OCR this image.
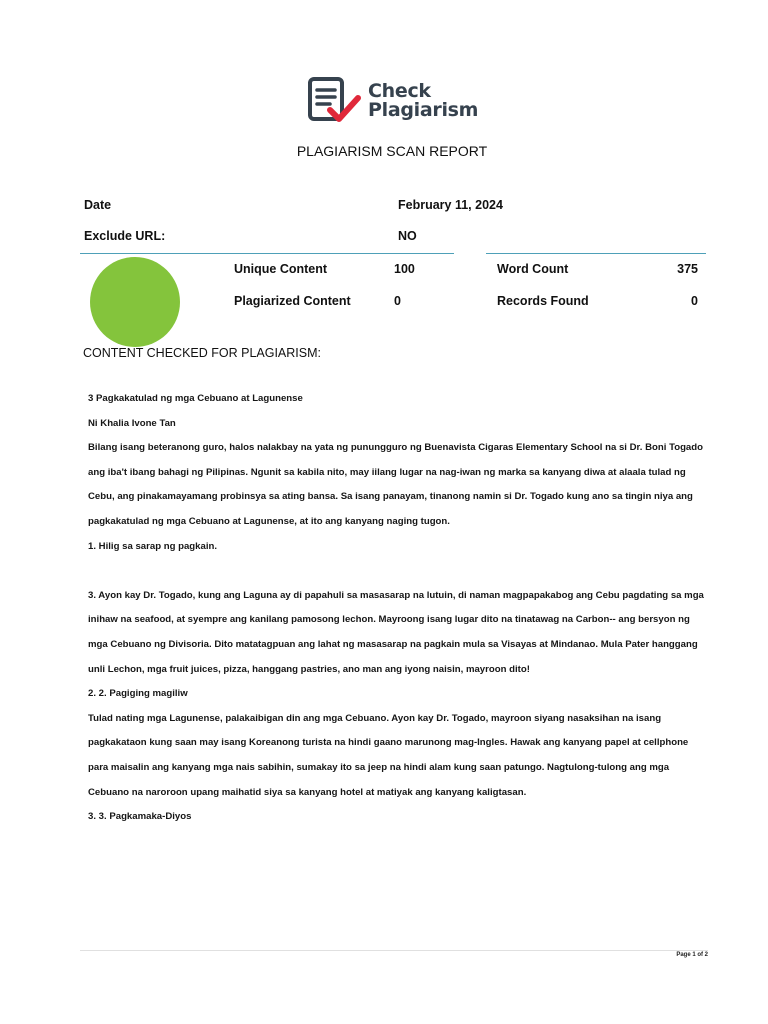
Check
Plagiarism
PLAGIARISM SCAN REPORT
Date	February 11, 2024
Exclude URL:	NO
Unique Content	100
Plagiarized Content	0
Word Count	375
Records Found	0
CONTENT CHECKED FOR PLAGIARISM:

3 Pagkakatulad ng mga Cebuano at Lagunense

Ni Khalia Ivone Tan

Bilang isang beteranong guro, halos nalakbay na yata ng punungguro ng Buenavista Cigaras Elementary School na si Dr. Boni Togado ang iba't ibang bahagi ng Pilipinas. Ngunit sa kabila nito, may iilang lugar na nag-iwan ng marka sa kanyang diwa at alaala tulad ng Cebu, ang pinakamayamang probinsya sa ating bansa. Sa isang panayam, tinanong namin si Dr. Togado kung ano sa tingin niya ang pagkakatulad ng mga Cebuano at Lagunense, at ito ang kanyang naging tugon.

1. Hilig sa sarap ng pagkain.

3. Ayon kay Dr. Togado, kung ang Laguna ay di papahuli sa masasarap na lutuin, di naman magpapakabog ang Cebu pagdating sa mga inihaw na seafood, at syempre ang kanilang pamosong lechon. Mayroong isang lugar dito na tinatawag na Carbon-- ang bersyon ng mga Cebuano ng Divisoria. Dito matatagpuan ang lahat ng masasarap na pagkain mula sa Visayas at Mindanao. Mula Pater hanggang unli Lechon, mga fruit juices, pizza, hanggang pastries, ano man ang iyong naisin, mayroon dito!

2. 2. Pagiging magiliw

Tulad nating mga Lagunense, palakaibigan din ang mga Cebuano. Ayon kay Dr. Togado, mayroon siyang nasaksihan na isang pagkakataon kung saan may isang Koreanong turista na hindi gaano marunong mag-Ingles. Hawak ang kanyang papel at cellphone para maisalin ang kanyang mga nais sabihin, sumakay ito sa jeep na hindi alam kung saan patungo. Nagtulong-tulong ang mga Cebuano na naroroon upang maihatid siya sa kanyang hotel at matiyak ang kanyang kaligtasan.

3. 3. Pagkamaka-Diyos

Page 1 of 2
